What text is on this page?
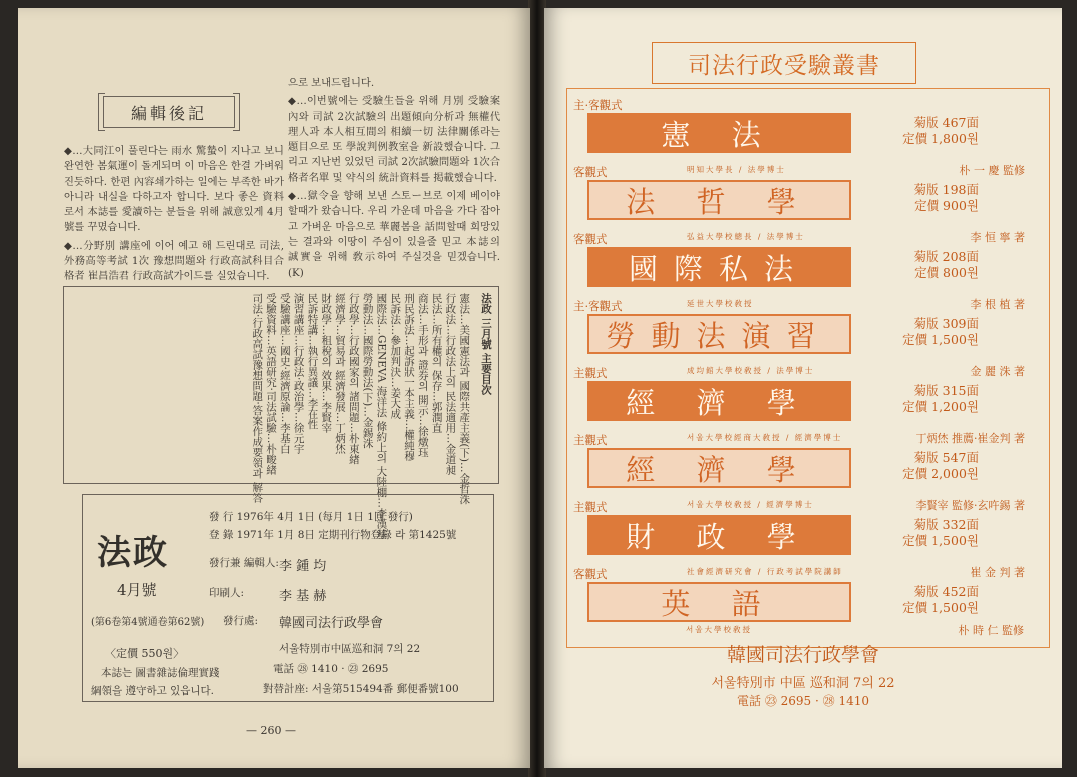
編輯後記

◆…大同江이 풀린다는 雨水 驚蟄이 지나고 보니 완연한 봄氣運이 돌게되며 이 마음은 한결 가벼워진듯하다. 한편 內容쇄가하는 일에는 부족한 바가 아니라 내실을 다하고자 합니다. 보다 좋은 資料로서 本誌를 愛讀하는 분들을 위해 誠意있게 4月號를 꾸몄습니다.

◆…分野別 講座에 이어 예고 해 드린대로 司法, 外務高等考試 1次 豫想問題와 行政高試科目合格者 崔昌浩君 行政高試가이드를 실었습니다.

으로 보내드립니다.

◆…이번號에는 受驗生들을 위해 月別 受驗案內와 司試 2次試驗의 出題傾向分析과 無權代理人과 本人相互間의 相續一切 法律關係라는 題目으로 또 學說判例教室을 新設했습니다. 그리고 지난번 있었던 司試 2次試驗問題와 1次合格者名單 및 약식의 統計資料를 掲載했습니다.

◆…獄令을 향해 보낸 스토ー브로 이제 베이야 할때가 왔습니다. 우리 가운데 마음을 가다 잡아고 가벼운 마음으로 華麗봄을 話問할때 희망있는 결과와 이땅이 주심이 있을줄 믿고 本誌의 誠實을 위해 敎示하여 주실것을 믿겠습니다. (K)

法政 三月號 主要目次
憲法…美國憲法과 國際共產主義(下)…金哲洙
行政法…行政法上의 民法適用…金道昶
民法…所有權의 保存…郭潤直
商法…手形과 證券의 開示…徐燉珏
刑民訴法…起訴狀一本主義…權純穆
民訴法…參加判決…姜大成
國際法…GENEVA 海洋法 條約上의 大陸棚…李漢基
勞動法…國際勞動法(下)…金錫洙
行政學…行政國家의 諸問題…朴東緖
經濟學…貿易과 經濟發展…丁炳烋
財政學…租稅의 效果…李賢宰
民訴特講…執行異議…李在性
演習講座…行政法·政治學…徐元宇
受驗講座…國史·經濟原論…李基白
受驗資料…英語研究·司法試驗…朴畯緖
司法·行政高試豫想問題·答案作成要領과 解答
法政
4月號
發 行 1976年 4月 1日 (每月 1日 1回 發行)
登 錄 1971年 1月 8日 定期刊行物登錄 라 第1425號
發行兼 編輯人: 李 鍾 均
印刷人:	李 基 赫
(第6卷第4號通卷第62號) 發行處: 韓國司法行政學會
〈 定價 550원 〉	서울特別市中區巡和洞 7의 22
電話 ㉘ 1410 · ㉓ 2695
對替計座: 서울第515494番 郵便番號100
本誌는 圖書雜誌倫理實踐
綱領을 遵守하고 있읍니다.
— 260 —
司法行政受驗叢書
主·客觀式
憲 法	菊版 467面
定價 1,800원
客觀式	明知大學長 / 法學博士	朴 一 慶 監修
法 哲 學	菊版 198面
定價 900원
客觀式	弘益大學校總長 / 法學博士	李 恒 寧 著
國際私法	菊版 208面
定價 800원
主·客觀式	延世大學校敎授	李 根 植 著
勞動法演習	菊版 309面
定價 1,500원
主觀式	成均館大學校敎授 / 法學博士	金 麗 洙 著
經 濟 學	菊版 315面
定價 1,200원
主觀式	서울大學校經商大敎授 / 經濟學博士	丁炳烋 推薦·崔金判 著
經 濟 學	菊版 547面
定價 2,000원
主觀式	서울大學校敎授 / 經濟學博士	李賢宰 監修·玄吘錫 著
財 政 學	菊版 332面
定價 1,500원
客觀式	社會經濟研究會 / 行政考試學院講師	崔 金 判 著
英 語	菊版 452面
定價 1,500원
서울大學校敎授	朴 時 仁 監修
韓國司法行政學會
서울特別市 中區 巡和洞 7의 22
電話 ㉓ 2695 · ㉘ 1410
